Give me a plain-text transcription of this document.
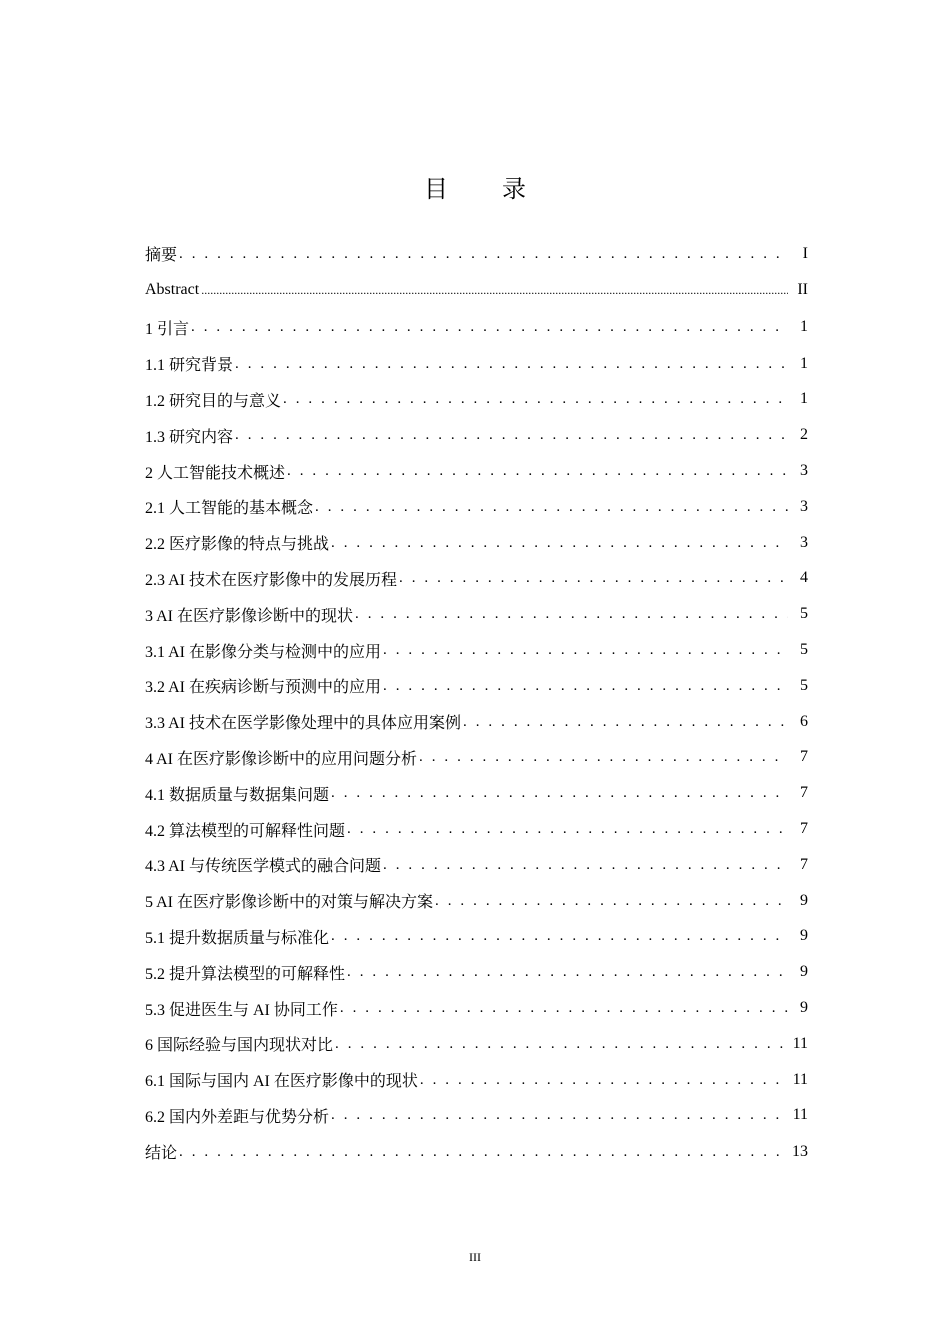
目 录
摘要 . . .	I
Abstract .....	II
1 引言 . . .	1
1.1 研究背景 . . .	1
1.2 研究目的与意义 . . .	1
1.3 研究内容 . . .	2
2 人工智能技术概述 . . .	3
2.1 人工智能的基本概念 . . .	3
2.2 医疗影像的特点与挑战 . . .	3
2.3 AI 技术在医疗影像中的发展历程 . . .	4
3 AI 在医疗影像诊断中的现状 . . .	5
3.1 AI 在影像分类与检测中的应用 . . .	5
3.2 AI 在疾病诊断与预测中的应用 . . .	5
3.3 AI 技术在医学影像处理中的具体应用案例 . . .	6
4 AI 在医疗影像诊断中的应用问题分析 . . .	7
4.1 数据质量与数据集问题 . . .	7
4.2 算法模型的可解释性问题 . . .	7
4.3 AI 与传统医学模式的融合问题 . . .	7
5 AI 在医疗影像诊断中的对策与解决方案 . . .	9
5.1 提升数据质量与标准化 . . .	9
5.2 提升算法模型的可解释性 . . .	9
5.3 促进医生与 AI 协同工作 . . .	9
6 国际经验与国内现状对比 . . .	11
6.1 国际与国内 AI 在医疗影像中的现状 . . .	11
6.2 国内外差距与优势分析 . . .	11
结论 . . .	13
III
